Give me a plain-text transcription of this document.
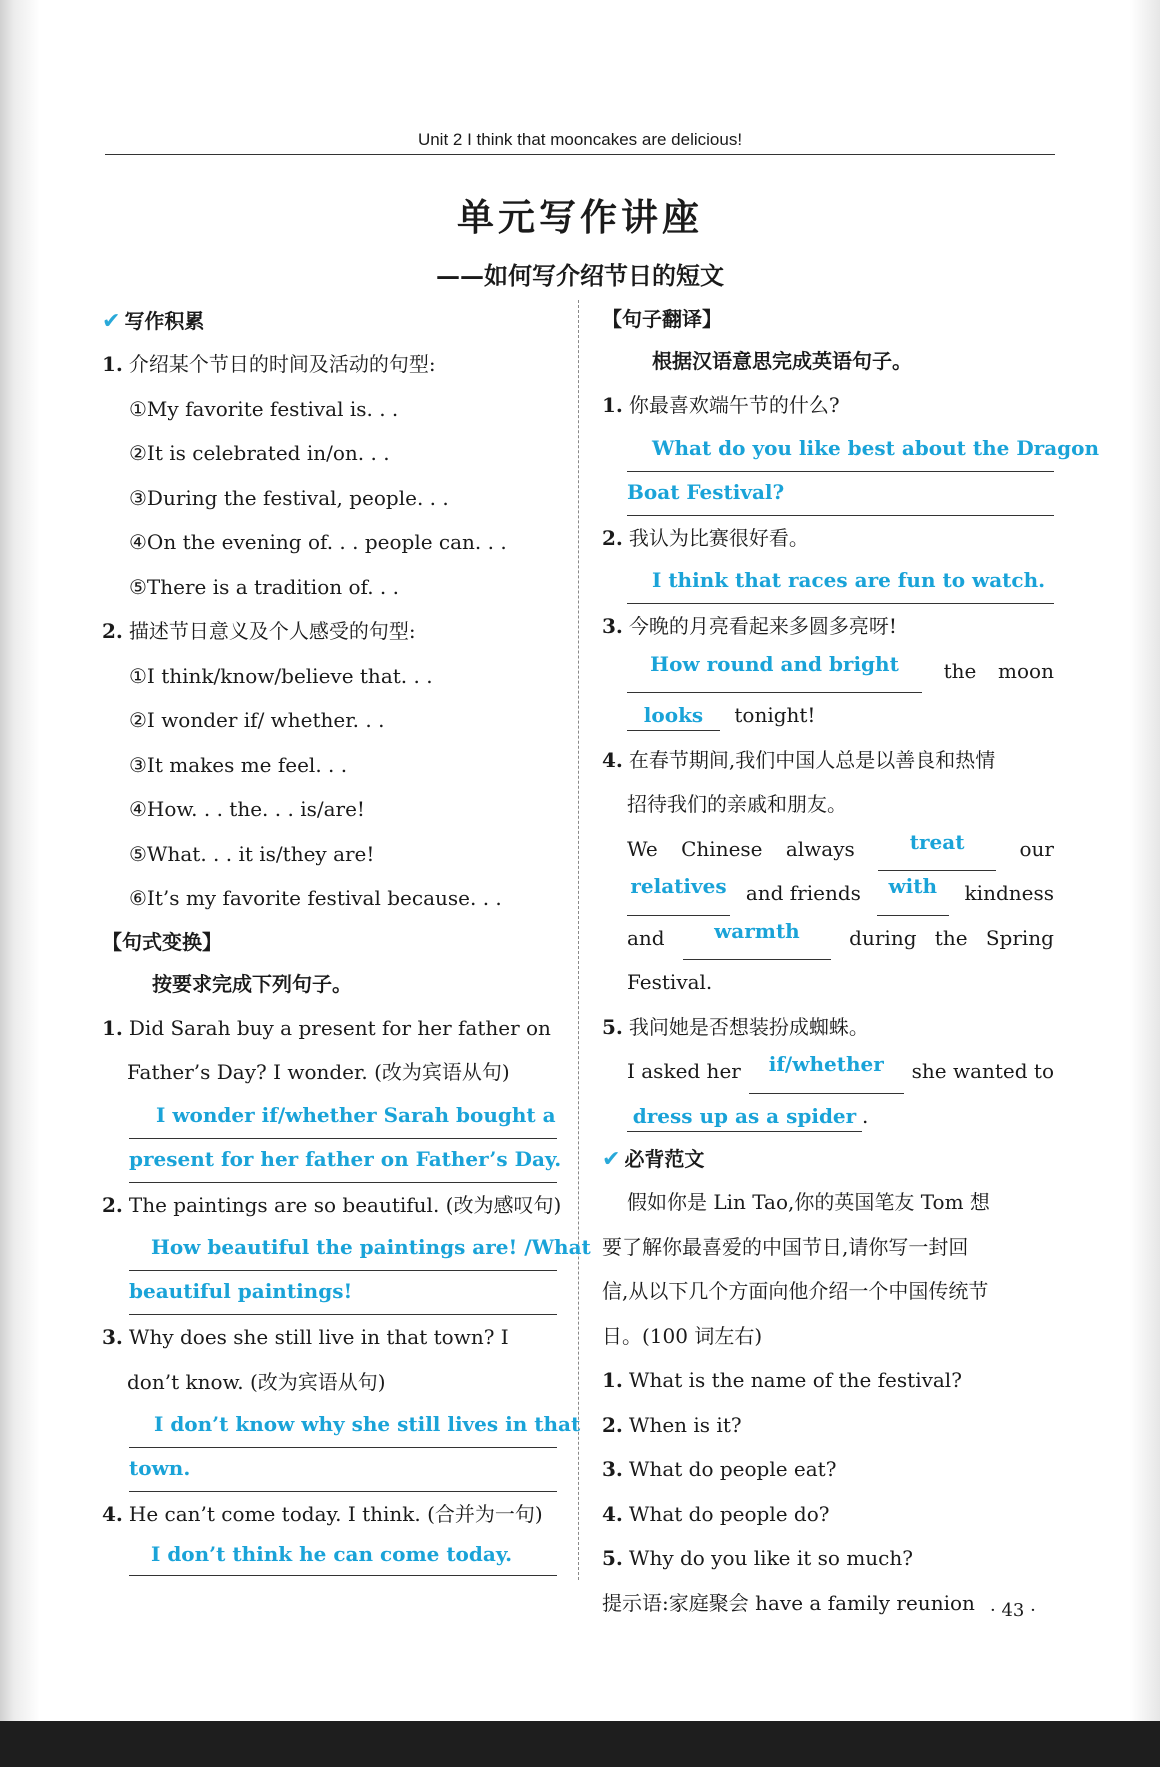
Unit 2 I think that mooncakes are delicious!
单元写作讲座
——如何写介绍节日的短文
✔ 写作积累
1. 介绍某个节日的时间及活动的句型:
①My favorite festival is. . .
②It is celebrated in/on. . .
③During the festival, people. . .
④On the evening of. . . people can. . .
⑤There is a tradition of. . .
2. 描述节日意义及个人感受的句型:
①I think/know/believe that. . .
②I wonder if/ whether. . .
③It makes me feel. . .
④How. . . the. . . is/are!
⑤What. . . it is/they are!
⑥It’s my favorite festival because. . .
【句式变换】
按要求完成下列句子。
1. Did Sarah buy a present for her father on
Father’s Day? I wonder. (改为宾语从句)
I wonder if/whether Sarah bought a
present for her father on Father’s Day.
2. The paintings are so beautiful. (改为感叹句)
How beautiful the paintings are! /What
beautiful paintings!
3. Why does she still live in that town? I
don’t know. (改为宾语从句)
I don’t know why she still lives in that
town.
4. He can’t come today. I think. (合并为一句)
I don’t think he can come today.
【句子翻译】
根据汉语意思完成英语句子。
1. 你最喜欢端午节的什么?
What do you like best about the Dragon
Boat Festival?
2. 我认为比赛很好看。
I think that races are fun to watch.
3. 今晚的月亮看起来多圆多亮呀!
How round and bright	the moon
looks tonight!
4. 在春节期间,我们中国人总是以善良和热情
招待我们的亲戚和朋友。
We Chinese always	treat	our
relatives and friends	with	kindness
and	warmth	during the Spring
Festival.
5. 我问她是否想装扮成蜘蛛。
I asked her	if/whether	she wanted to
dress up as a spider .
✔ 必背范文
假如你是 Lin Tao,你的英国笔友 Tom 想
要了解你最喜爱的中国节日,请你写一封回
信,从以下几个方面向他介绍一个中国传统节
日。(100 词左右)
1. What is the name of the festival?
2. When is it?
3. What do people eat?
4. What do people do?
5. Why do you like it so much?
提示语:家庭聚会 have a family reunion · 43 ·
